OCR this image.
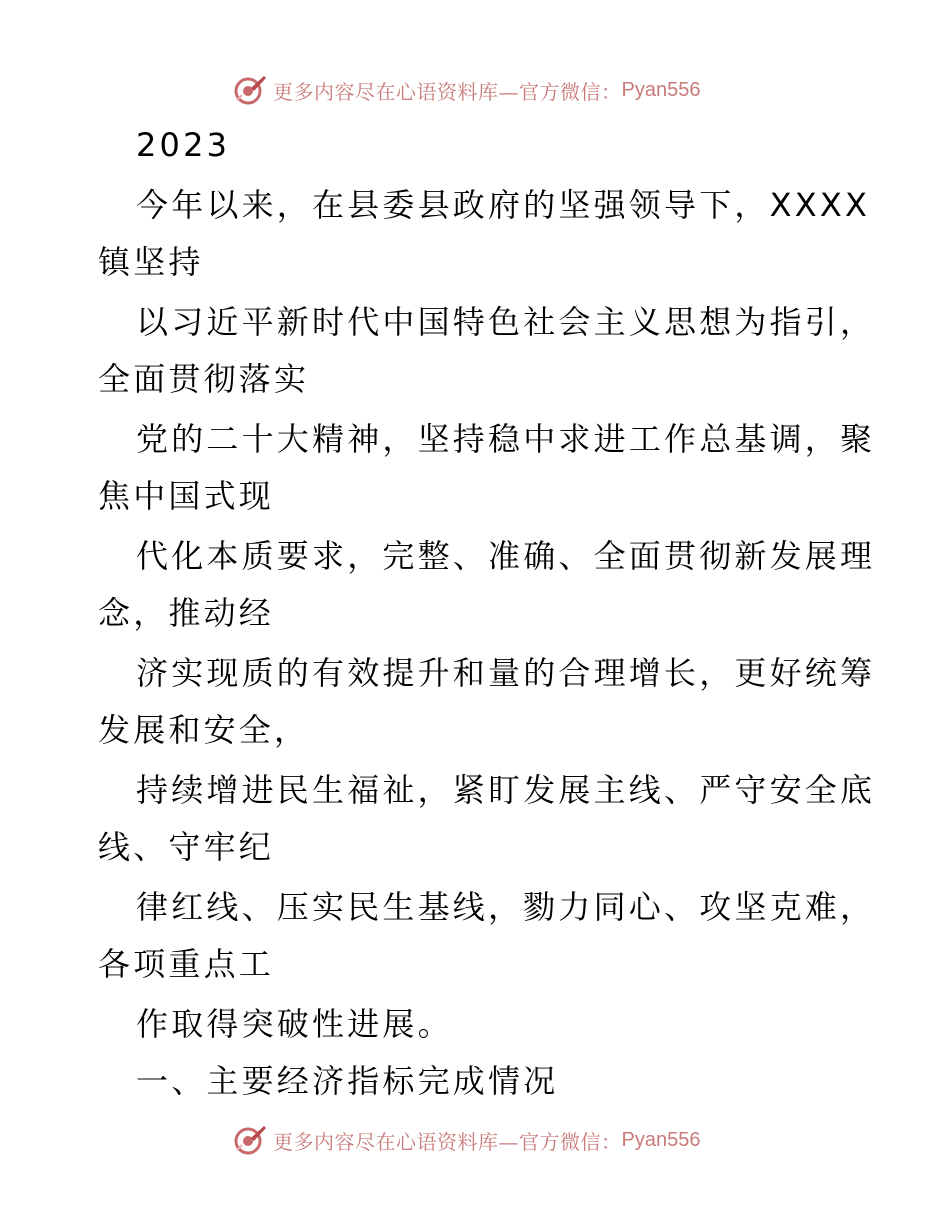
更多内容尽在心语资料库—官方微信： Pyan556
2023
今年以来，在县委县政府的坚强领导下，XXXX
镇坚持
以习近平新时代中国特色社会主义思想为指引，
全面贯彻落实
党的二十大精神，坚持稳中求进工作总基调，聚
焦中国式现
代化本质要求，完整、准确、全面贯彻新发展理
念，推动经
济实现质的有效提升和量的合理增长，更好统筹
发展和安全，
持续增进民生福祉，紧盯发展主线、严守安全底
线、守牢纪
律红线、压实民生基线，勠力同心、攻坚克难，
各项重点工
作取得突破性进展。
一、主要经济指标完成情况
更多内容尽在心语资料库—官方微信： Pyan556
